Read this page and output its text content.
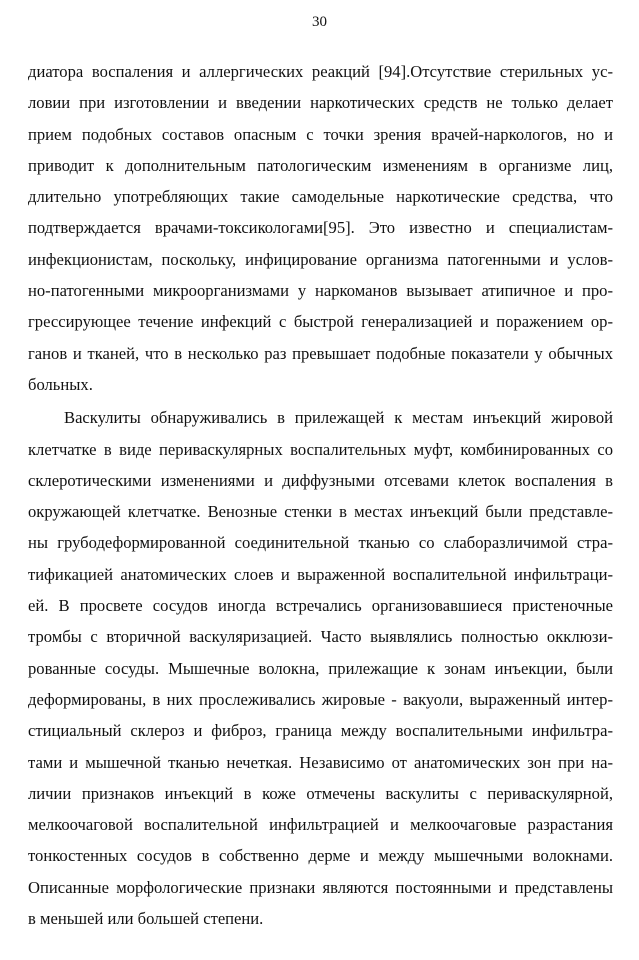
30
диатора воспаления и аллергических реакций [94].Отсутствие стерильных ус-
ловии при изготовлении и введении наркотических средств не только делает
прием подобных составов опасным с точки зрения врачей-наркологов, но и
приводит к дополнительным патологическим изменениям в организме лиц,
длительно употребляющих такие самодельные наркотические средства, что
подтверждается врачами-токсикологами[95]. Это известно и специалистам-
инфекционистам, поскольку, инфицирование организма патогенными и услов-
но-патогенными микроорганизмами у наркоманов вызывает атипичное и про-
грессирующее течение инфекций с быстрой генерализацией и поражением ор-
ганов и тканей, что в несколько раз превышает подобные показатели у обычных
больных.
Васкулиты обнаруживались в прилежащей к местам инъекций жировой
клетчатке в виде периваскулярных воспалительных муфт, комбинированных со
склеротическими изменениями и диффузными отсевами клеток воспаления в
окружающей клетчатке. Венозные стенки в местах инъекций были представле-
ны грубодеформированной соединительной тканью со слаборазличимой стра-
тификацией анатомических слоев и выраженной воспалительной инфильтраци-
ей. В просвете сосудов иногда встречались организовавшиеся пристеночные
тромбы с вторичной васкуляризацией. Часто выявлялись полностью окклюзи-
рованные сосуды. Мышечные волокна, прилежащие к зонам инъекции, были
деформированы, в них прослеживались жировые - вакуоли, выраженный интер-
стициальный склероз и фиброз, граница между воспалительными инфильтра-
тами и мышечной тканью нечеткая. Независимо от анатомических зон при на-
личии признаков инъекций в коже отмечены васкулиты с периваскулярной,
мелкоочаговой воспалительной инфильтрацией и мелкоочаговые разрастания
тонкостенных сосудов в собственно дерме и между мышечными волокнами.
Описанные морфологические признаки являются постоянными и представлены
в меньшей или большей степени.
